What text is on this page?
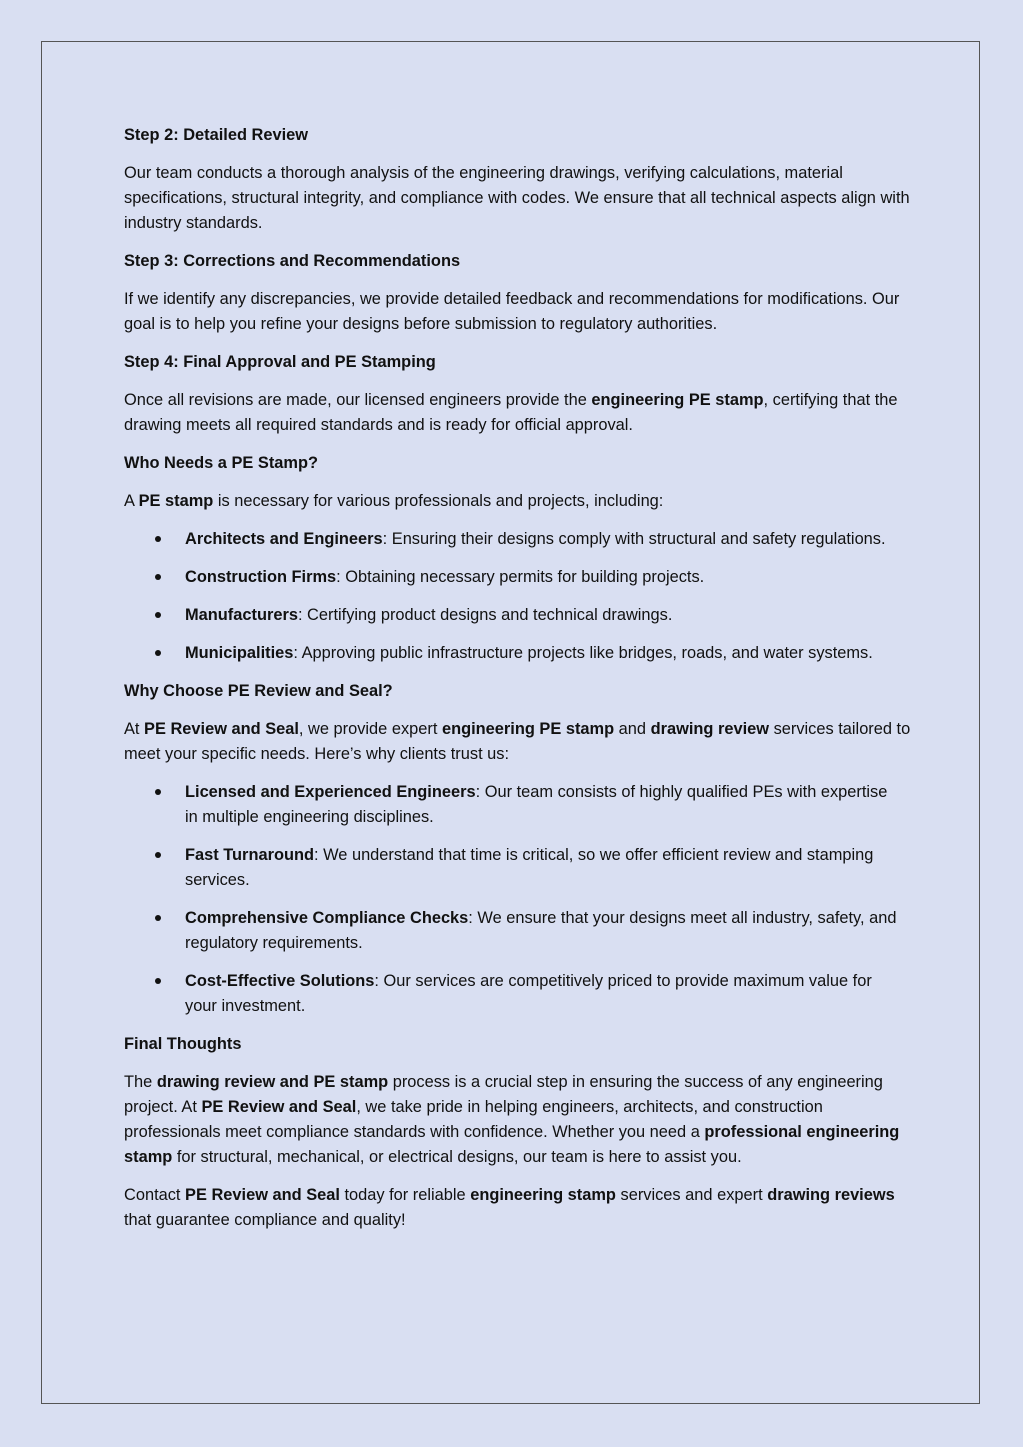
Step 2: Detailed Review

Our team conducts a thorough analysis of the engineering drawings, verifying calculations, material specifications, structural integrity, and compliance with codes. We ensure that all technical aspects align with industry standards.

Step 3: Corrections and Recommendations

If we identify any discrepancies, we provide detailed feedback and recommendations for modifications. Our goal is to help you refine your designs before submission to regulatory authorities.

Step 4: Final Approval and PE Stamping

Once all revisions are made, our licensed engineers provide the engineering PE stamp, certifying that the drawing meets all required standards and is ready for official approval.

Who Needs a PE Stamp?

A PE stamp is necessary for various professionals and projects, including:

Architects and Engineers: Ensuring their designs comply with structural and safety regulations.
Construction Firms: Obtaining necessary permits for building projects.
Manufacturers: Certifying product designs and technical drawings.
Municipalities: Approving public infrastructure projects like bridges, roads, and water systems.

Why Choose PE Review and Seal?

At PE Review and Seal, we provide expert engineering PE stamp and drawing review services tailored to meet your specific needs. Here’s why clients trust us:

Licensed and Experienced Engineers: Our team consists of highly qualified PEs with expertise in multiple engineering disciplines.
Fast Turnaround: We understand that time is critical, so we offer efficient review and stamping services.
Comprehensive Compliance Checks: We ensure that your designs meet all industry, safety, and regulatory requirements.
Cost-Effective Solutions: Our services are competitively priced to provide maximum value for your investment.

Final Thoughts

The drawing review and PE stamp process is a crucial step in ensuring the success of any engineering project. At PE Review and Seal, we take pride in helping engineers, architects, and construction professionals meet compliance standards with confidence. Whether you need a professional engineering stamp for structural, mechanical, or electrical designs, our team is here to assist you.

Contact PE Review and Seal today for reliable engineering stamp services and expert drawing reviews that guarantee compliance and quality!
